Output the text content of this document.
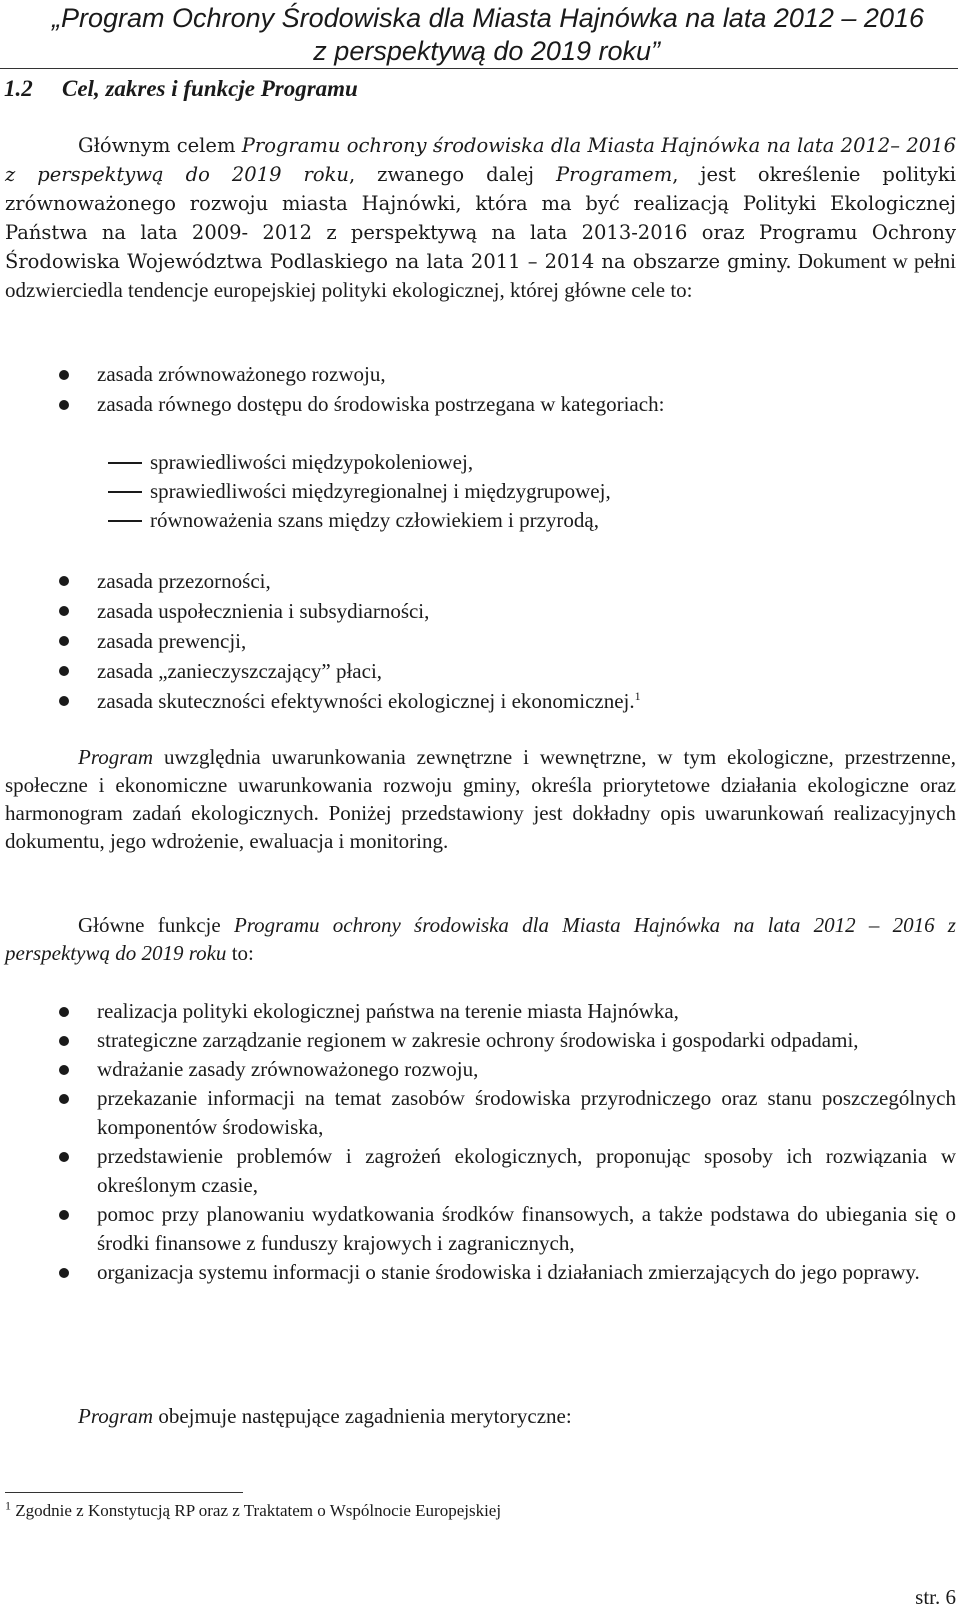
„Program Ochrony Środowiska dla Miasta Hajnówka na lata 2012 – 2016
z perspektywą do 2019 roku”
1.2 Cel, zakres i funkcje Programu
Głównym celem Programu ochrony środowiska dla Miasta Hajnówka na lata 2012– 2016 z perspektywą do 2019 roku, zwanego dalej Programem, jest określenie polityki zrównoważonego rozwoju miasta Hajnówki, która ma być realizacją Polityki Ekologicznej Państwa na lata 2009- 2012 z perspektywą na lata 2013-2016 oraz Programu Ochrony Środowiska Województwa Podlaskiego na lata 2011 – 2014 na obszarze gminy. Dokument w pełni odzwierciedla tendencje europejskiej polityki ekologicznej, której główne cele to:
zasada zrównoważonego rozwoju,
zasada równego dostępu do środowiska postrzegana w kategoriach:
sprawiedliwości międzypokoleniowej,
sprawiedliwości międzyregionalnej i międzygrupowej,
równoważenia szans między człowiekiem i przyrodą,
zasada przezorności,
zasada uspołecznienia i subsydiarności,
zasada prewencji,
zasada „zanieczyszczający” płaci,
zasada skuteczności efektywności ekologicznej i ekonomicznej.$^1$
Program uwzględnia uwarunkowania zewnętrzne i wewnętrzne, w tym ekologiczne, przestrzenne, społeczne i ekonomiczne uwarunkowania rozwoju gminy, określa priorytetowe działania ekologiczne oraz harmonogram zadań ekologicznych. Poniżej przedstawiony jest dokładny opis uwarunkowań realizacyjnych dokumentu, jego wdrożenie, ewaluacja i monitoring.
Główne funkcje Programu ochrony środowiska dla Miasta Hajnówka na lata 2012 – 2016 z perspektywą do 2019 roku to:
realizacja polityki ekologicznej państwa na terenie miasta Hajnówka,
strategiczne zarządzanie regionem w zakresie ochrony środowiska i gospodarki odpadami,
wdrażanie zasady zrównoważonego rozwoju,
przekazanie informacji na temat zasobów środowiska przyrodniczego oraz stanu poszczególnych komponentów środowiska,
przedstawienie problemów i zagrożeń ekologicznych, proponując sposoby ich rozwiązania w określonym czasie,
pomoc przy planowaniu wydatkowania środków finansowych, a także podstawa do ubiegania się o środki finansowe z funduszy krajowych i zagranicznych,
organizacja systemu informacji o stanie środowiska i działaniach zmierzających do jego poprawy.
Program obejmuje następujące zagadnienia merytoryczne:
$^1$ Zgodnie z Konstytucją RP oraz z Traktatem o Wspólnocie Europejskiej
str. 6
